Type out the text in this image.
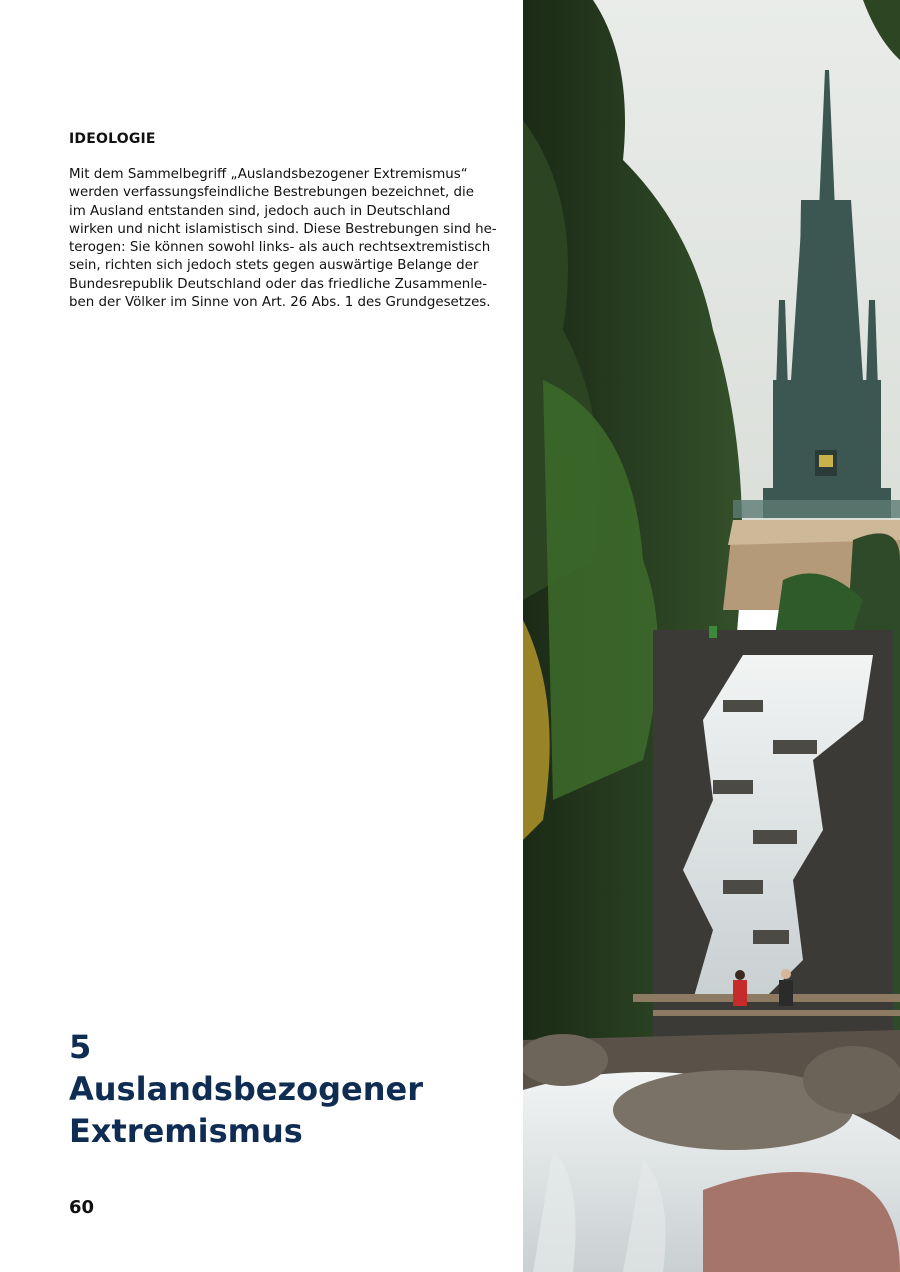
IDEOLOGIE

Mit dem Sammelbegriff „Auslandsbezogener Extremismus“
werden verfassungsfeindliche Bestrebungen bezeichnet, die
im Ausland entstanden sind, jedoch auch in Deutschland
wirken und nicht islamistisch sind. Diese Bestrebungen sind he-
terogen: Sie können sowohl links- als auch rechtsextremistisch
sein, richten sich jedoch stets gegen auswärtige Belange der
Bundesrepublik Deutschland oder das friedliche Zusammenle-
ben der Völker im Sinne von Art. 26 Abs. 1 des Grundgesetzes.

5
Auslandsbezogener
Extremismus
60
